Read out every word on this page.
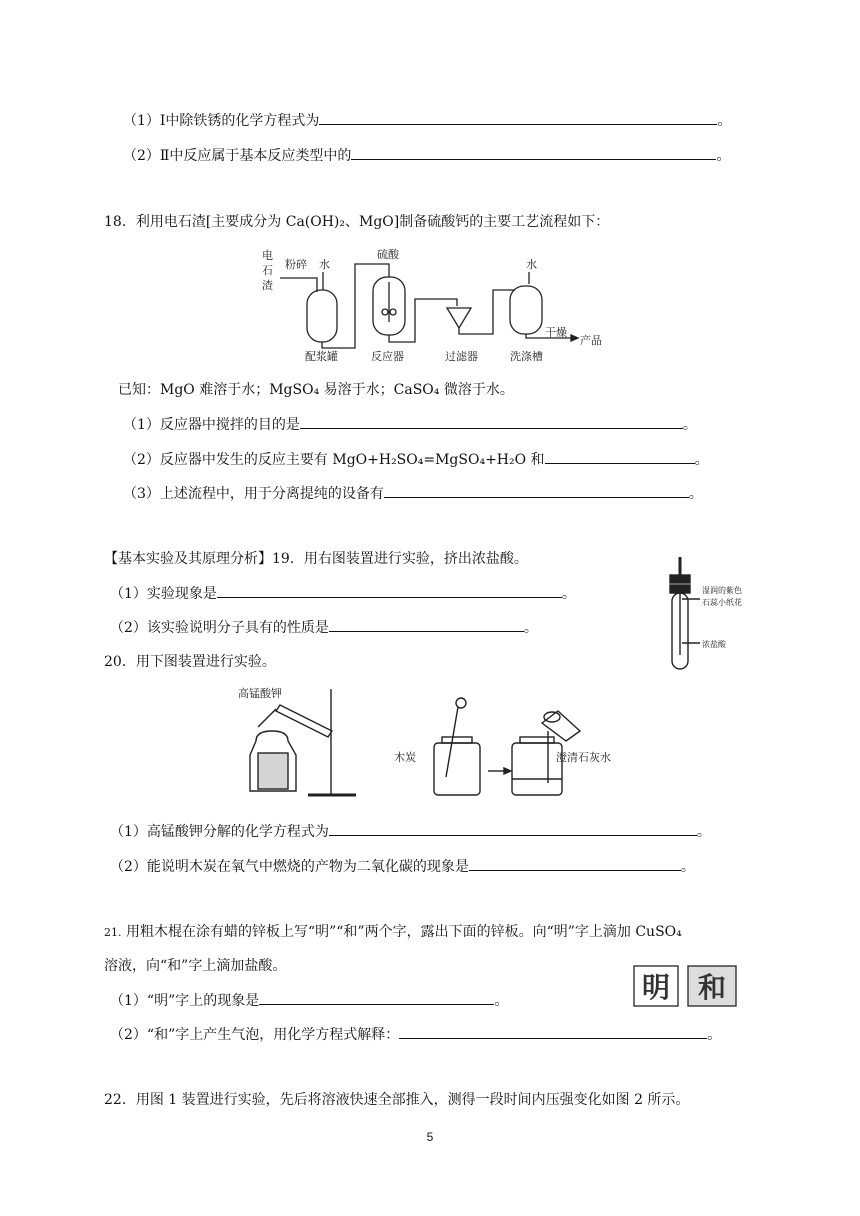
（1）Ⅰ中除铁锈的化学方程式为	。
（2）Ⅱ中反应属于基本反应类型中的	。
18．利用电石渣[主要成分为 Ca(OH)₂、MgO]制备硫酸钙的主要工艺流程如下：
电
石
渣
粉碎 水
硫酸
水
干燥
产品
配浆罐	反应器	过滤器	洗涤槽
已知：MgO 难溶于水；MgSO₄ 易溶于水；CaSO₄ 微溶于水。
（1）反应器中搅拌的目的是	。
（2）反应器中发生的反应主要有 MgO+H₂SO₄=MgSO₄+H₂O 和	。
（3）上述流程中，用于分离提纯的设备有	。
【基本实验及其原理分析】19．用右图装置进行实验，挤出浓盐酸。
（1）实验现象是	。
（2）该实验说明分子具有的性质是	。
湿润的紫色
石蕊小纸花
浓盐酸
20．用下图装置进行实验。
高锰酸钾
木炭	澄清石灰水
（1）高锰酸钾分解的化学方程式为	。
（2）能说明木炭在氧气中燃烧的产物为二氧化碳的现象是	。
21. 用粗木棍在涂有蜡的锌板上写“明”“和”两个字，露出下面的锌板。向“明”字上滴加 CuSO₄
溶液，向“和”字上滴加盐酸。
（1）“明”字上的现象是	。
（2）“和”字上产生气泡，用化学方程式解释：	。
明 和
22．用图 1 装置进行实验，先后将溶液快速全部推入，测得一段时间内压强变化如图 2 所示。
5
